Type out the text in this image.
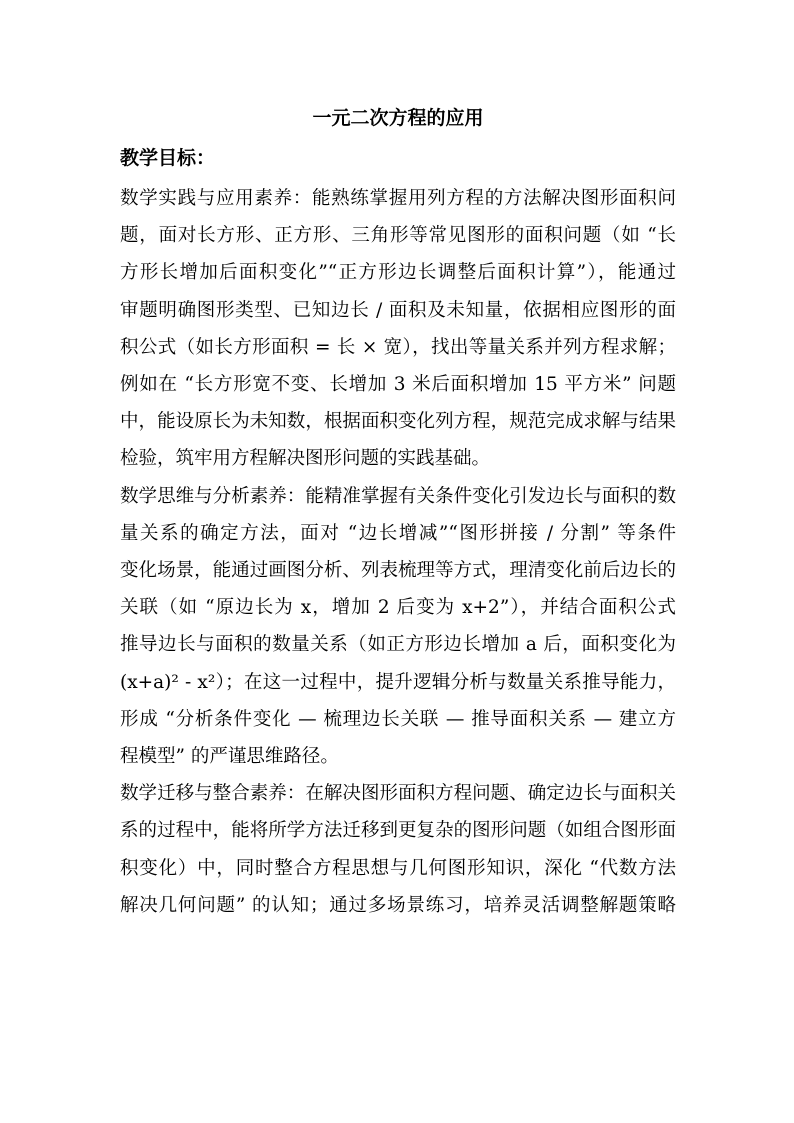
一元二次方程的应用
教学目标：

数学实践与应用素养：能熟练掌握用列方程的方法解决图形面积问
题，面对长方形、正方形、三角形等常见图形的面积问题（如 “长
方形长增加后面积变化”“正方形边长调整后面积计算”），能通过
审题明确图形类型、已知边长 / 面积及未知量，依据相应图形的面
积公式（如长方形面积 = 长 × 宽），找出等量关系并列方程求解；
例如在 “长方形宽不变、长增加 3 米后面积增加 15 平方米” 问题
中，能设原长为未知数，根据面积变化列方程，规范完成求解与结果
检验，筑牢用方程解决图形问题的实践基础。

数学思维与分析素养：能精准掌握有关条件变化引发边长与面积的数
量关系的确定方法，面对 “边长增减”“图形拼接 / 分割” 等条件
变化场景，能通过画图分析、列表梳理等方式，理清变化前后边长的
关联（如 “原边长为 x，增加 2 后变为 x+2”），并结合面积公式
推导边长与面积的数量关系（如正方形边长增加 a 后，面积变化为
(x+a)² - x²）；在这一过程中，提升逻辑分析与数量关系推导能力，
形成 “分析条件变化 — 梳理边长关联 — 推导面积关系 — 建立方
程模型” 的严谨思维路径。

数学迁移与整合素养：在解决图形面积方程问题、确定边长与面积关
系的过程中，能将所学方法迁移到更复杂的图形问题（如组合图形面
积变化）中，同时整合方程思想与几何图形知识，深化 “代数方法
解决几何问题” 的认知；通过多场景练习，培养灵活调整解题策略
